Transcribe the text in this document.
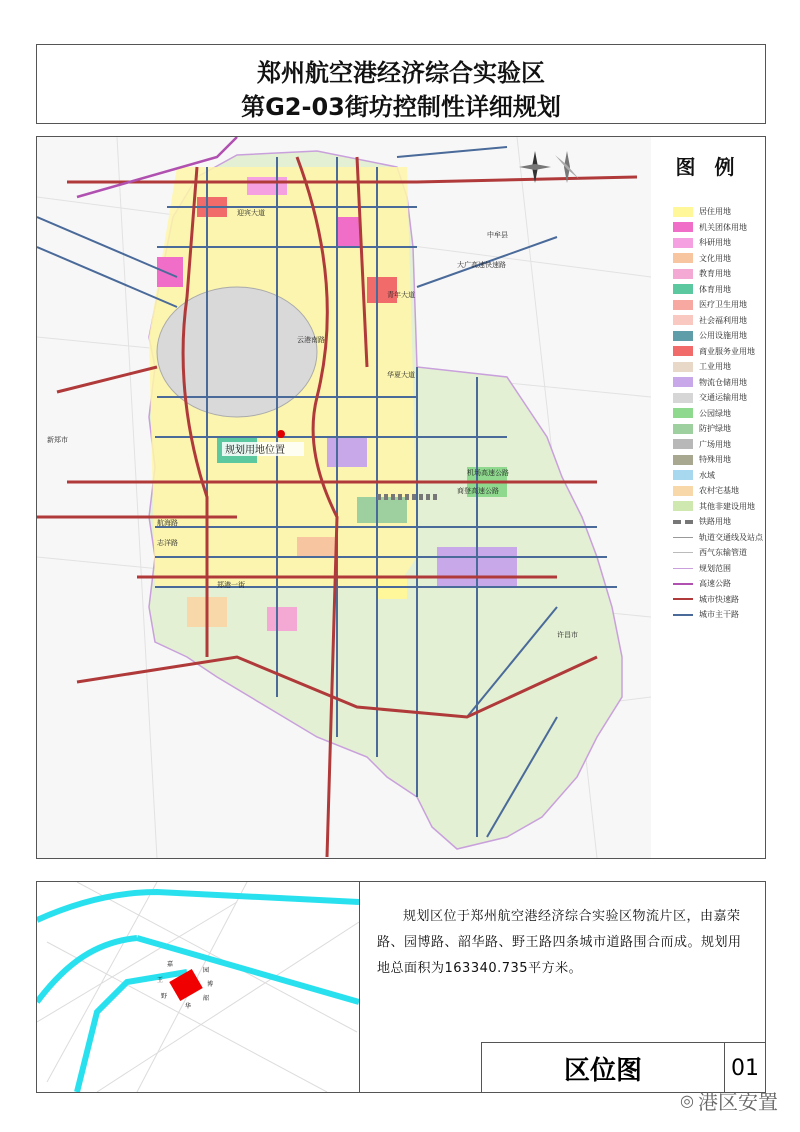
郑州航空港经济综合实验区
第G2-03街坊控制性详细规划
规划用地位置
新郑市
许昌市
中牟县
大广高速快速路
机场高速公路
商登高速公路
航海路
志洋路
青年大道
华夏大道
迎宾大道
云港南路
郑港一街
图 例
居住用地
机关团体用地
科研用地
文化用地
教育用地
体育用地
医疗卫生用地
社会福利用地
公用设施用地
商业服务业用地
工业用地
物流仓储用地
交通运输用地
公园绿地
防护绿地
广场用地
特殊用地
水域
农村宅基地
其他非建设用地
铁路用地
轨道交通线及站点
西气东输管道
规划范围
高速公路
城市快速路
城市主干路
嘉
园
博
韶
华
野
王
规划区位于郑州航空港经济综合实验区物流片区，由嘉荣路、园博路、韶华路、野王路四条城市道路围合而成。规划用地总面积为163340.735平方米。
区位图	01
◎ 港区安置
